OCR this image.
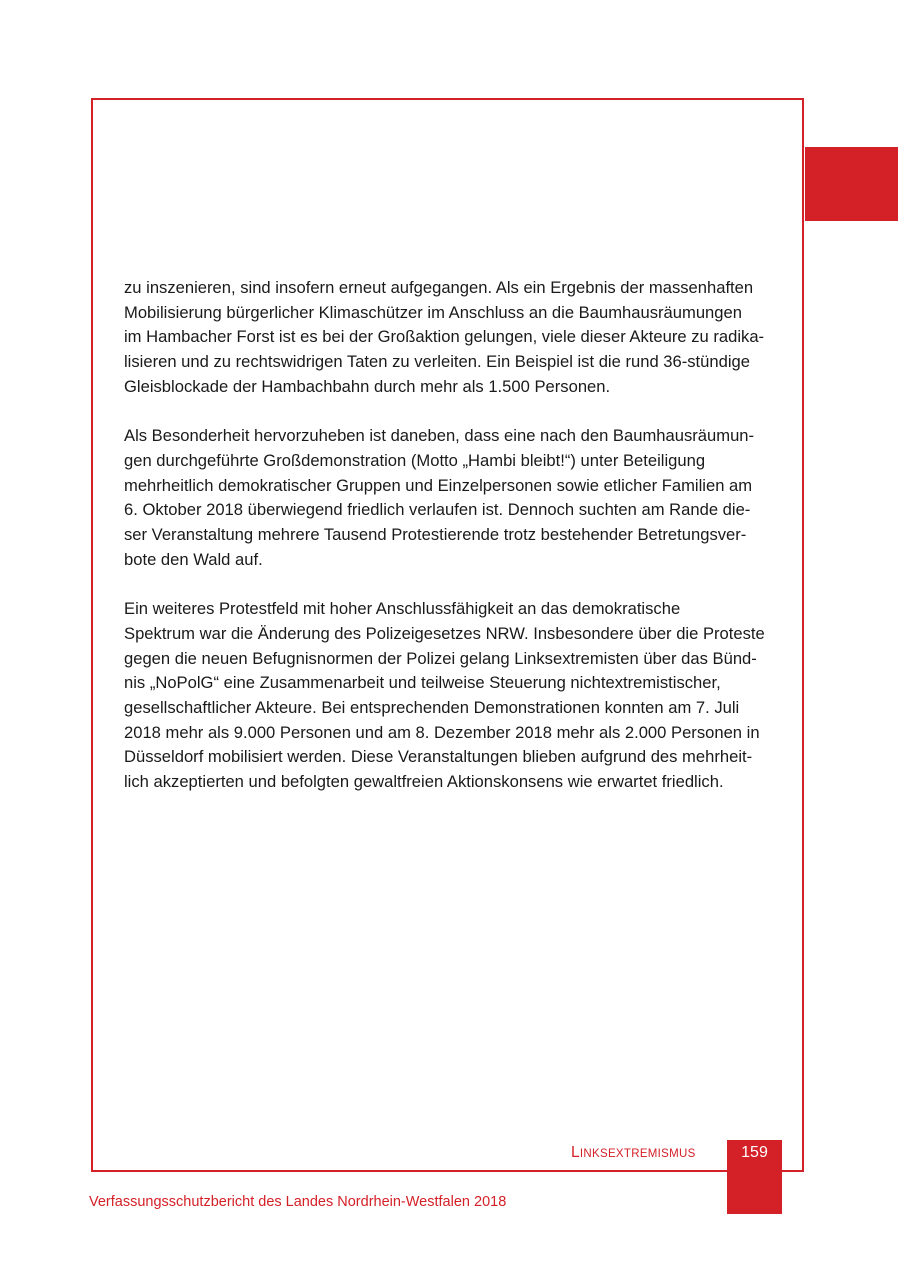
zu inszenieren, sind insofern erneut aufgegangen. Als ein Ergebnis der massenhaften
Mobilisierung bürgerlicher Klimaschützer im Anschluss an die Baumhausräumungen
im Hambacher Forst ist es bei der Großaktion gelungen, viele dieser Akteure zu radika-
lisieren und zu rechtswidrigen Taten zu verleiten. Ein Beispiel ist die rund 36-stündige
Gleisblockade der Hambachbahn durch mehr als 1.500 Personen.
Als Besonderheit hervorzuheben ist daneben, dass eine nach den Baumhausräumun-
gen durchgeführte Großdemonstration (Motto „Hambi bleibt!“) unter Beteiligung
mehrheitlich demokratischer Gruppen und Einzelpersonen sowie etlicher Familien am
6. Oktober 2018 überwiegend friedlich verlaufen ist. Dennoch suchten am Rande die-
ser Veranstaltung mehrere Tausend Protestierende trotz bestehender Betretungsver-
bote den Wald auf.
Ein weiteres Protestfeld mit hoher Anschlussfähigkeit an das demokratische
Spektrum war die Änderung des Polizeigesetzes NRW. Insbesondere über die Proteste
gegen die neuen Befugnisnormen der Polizei gelang Linksextremisten über das Bünd-
nis „NoPolG“ eine Zusammenarbeit und teilweise Steuerung nichtextremistischer,
gesellschaftlicher Akteure. Bei entsprechenden Demonstrationen konnten am 7. Juli
2018 mehr als 9.000 Personen und am 8. Dezember 2018 mehr als 2.000 Personen in
Düsseldorf mobilisiert werden. Diese Veranstaltungen blieben aufgrund des mehrheit-
lich akzeptierten und befolgten gewaltfreien Aktionskonsens wie erwartet friedlich.
LINKSEXTREMISMUS	159
Verfassungsschutzbericht des Landes Nordrhein-Westfalen 2018
